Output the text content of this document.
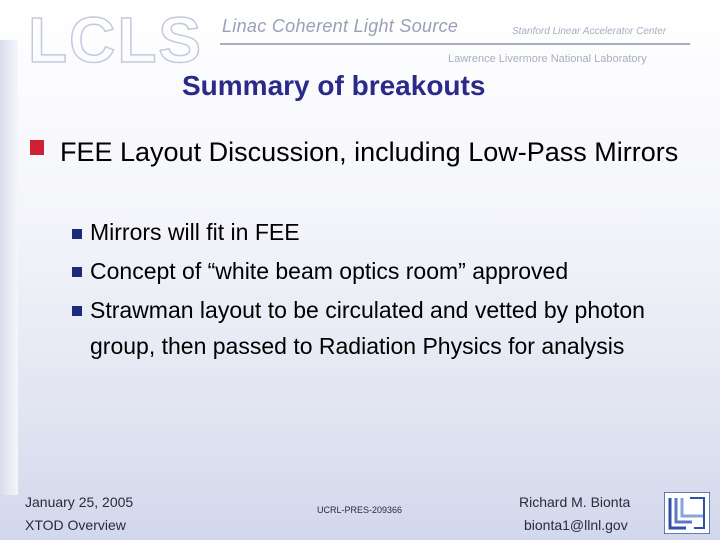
LCLS Linac Coherent Light Source	Stanford Linear Accelerator Center
Lawrence Livermore National Laboratory
Summary of breakouts
FEE Layout Discussion, including Low-Pass Mirrors
Mirrors will fit in FEE
Concept of “white beam optics room” approved
Strawman layout to be circulated and vetted by photon group, then passed to Radiation Physics for analysis
January 25, 2005
XTOD Overview
UCRL-PRES-209366	Richard M. Bionta
bionta1@llnl.gov
